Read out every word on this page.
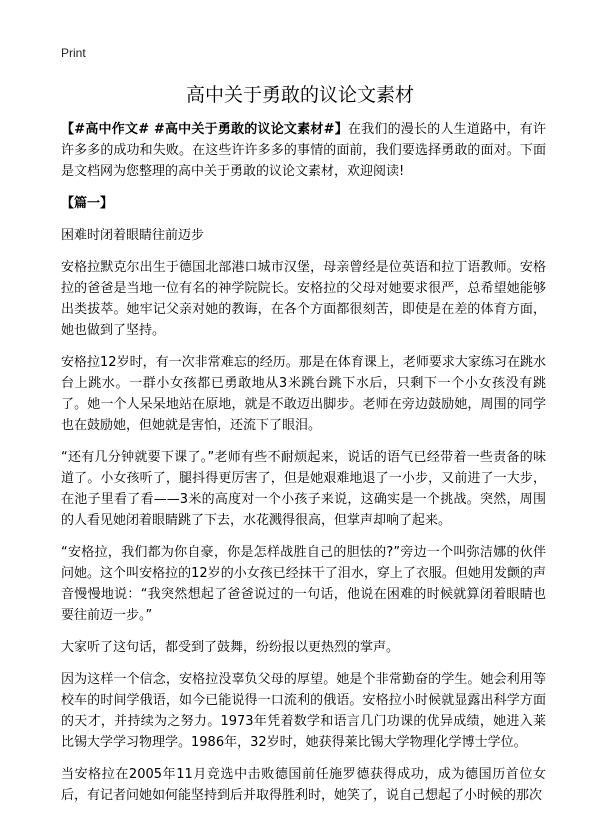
Print
高中关于勇敢的议论文素材

【#高中作文# #高中关于勇敢的议论文素材#】在我们的漫长的人生道路中，有许许多多的成功和失败。在这些许许多多的事情的面前，我们要选择勇敢的面对。下面是文档网为您整理的高中关于勇敢的议论文素材，欢迎阅读!

【篇一】

困难时闭着眼睛往前迈步

安格拉默克尔出生于德国北部港口城市汉堡，母亲曾经是位英语和拉丁语教师。安格拉的爸爸是当地一位有名的神学院院长。安格拉的父母对她要求很严，总希望她能够出类拔萃。她牢记父亲对她的教诲，在各个方面都很刻苦，即使是在差的体育方面，她也做到了坚持。

安格拉12岁时，有一次非常难忘的经历。那是在体育课上，老师要求大家练习在跳水台上跳水。一群小女孩都已勇敢地从3米跳台跳下水后，只剩下一个小女孩没有跳了。她一个人呆呆地站在原地，就是不敢迈出脚步。老师在旁边鼓励她，周围的同学也在鼓励她，但她就是害怕，还流下了眼泪。

“还有几分钟就要下课了。”老师有些不耐烦起来，说话的语气已经带着一些责备的味道了。小女孩听了，腿抖得更厉害了，但是她艰难地退了一小步，又前进了一大步，在池子里看了看——3米的高度对一个小孩子来说，这确实是一个挑战。突然，周围的人看见她闭着眼睛跳了下去，水花溅得很高，但掌声却响了起来。

“安格拉，我们都为你自豪，你是怎样战胜自己的胆怯的?”旁边一个叫弥洁娜的伙伴问她。这个叫安格拉的12岁的小女孩已经抹干了泪水，穿上了衣服。但她用发颤的声音慢慢地说：“我突然想起了爸爸说过的一句话，他说在困难的时候就算闭着眼睛也要往前迈一步。”

大家听了这句话，都受到了鼓舞，纷纷报以更热烈的掌声。

因为这样一个信念，安格拉没辜负父母的厚望。她是个非常勤奋的学生。她会利用等校车的时间学俄语，如今已能说得一口流利的俄语。安格拉小时候就显露出科学方面的天才，并持续为之努力。1973年凭着数学和语言几门功课的优异成绩，她进入莱比锡大学学习物理学。1986年，32岁时，她获得莱比锡大学物理化学博士学位。

当安格拉在2005年11月竞选中击败德国前任施罗德获得成功，成为德国历首位女后，有记者问她如何能坚持到后并取得胜利时，她笑了，说自己想起了小时候的那次
